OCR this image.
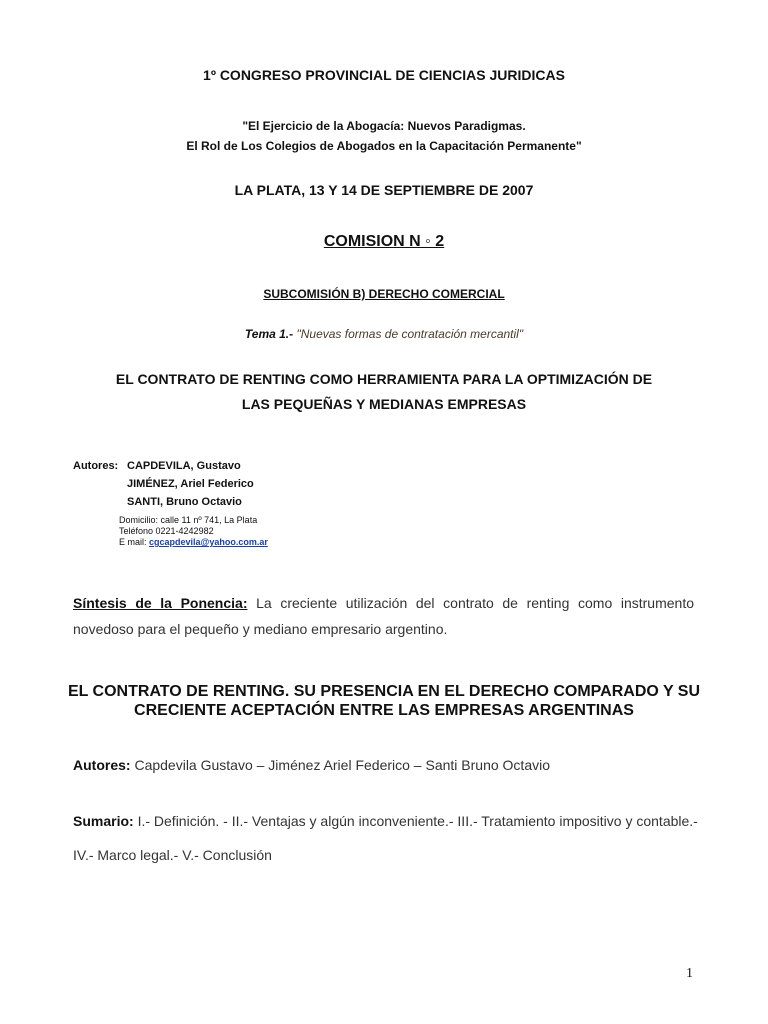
1º CONGRESO PROVINCIAL DE CIENCIAS JURIDICAS
"El Ejercicio de la Abogacía: Nuevos Paradigmas.
El Rol de Los Colegios de Abogados en la Capacitación Permanente"
LA PLATA, 13 Y 14 DE SEPTIEMBRE DE 2007
COMISION N ◦ 2
SUBCOMISIÓN B) DERECHO COMERCIAL
Tema 1.- "Nuevas formas de contratación mercantil"
EL CONTRATO DE RENTING COMO HERRAMIENTA PARA LA OPTIMIZACIÓN DE
LAS PEQUEÑAS Y MEDIANAS EMPRESAS
Autores: CAPDEVILA, Gustavo
JIMÉNEZ, Ariel Federico
SANTI, Bruno Octavio
Domicilio: calle 11 nº 741, La Plata
Teléfono 0221-4242982
E mail: cgcapdevila@yahoo.com.ar
Síntesis de la Ponencia: La creciente utilización del contrato de renting como instrumento novedoso para el pequeño y mediano empresario argentino.
EL CONTRATO DE RENTING. SU PRESENCIA EN EL DERECHO COMPARADO Y SU CRECIENTE ACEPTACIÓN ENTRE LAS EMPRESAS ARGENTINAS
Autores: Capdevila Gustavo – Jiménez Ariel Federico – Santi Bruno Octavio
Sumario: I.- Definición. - II.- Ventajas y algún inconveniente.- III.- Tratamiento impositivo y contable.- IV.- Marco legal.- V.- Conclusión
1
